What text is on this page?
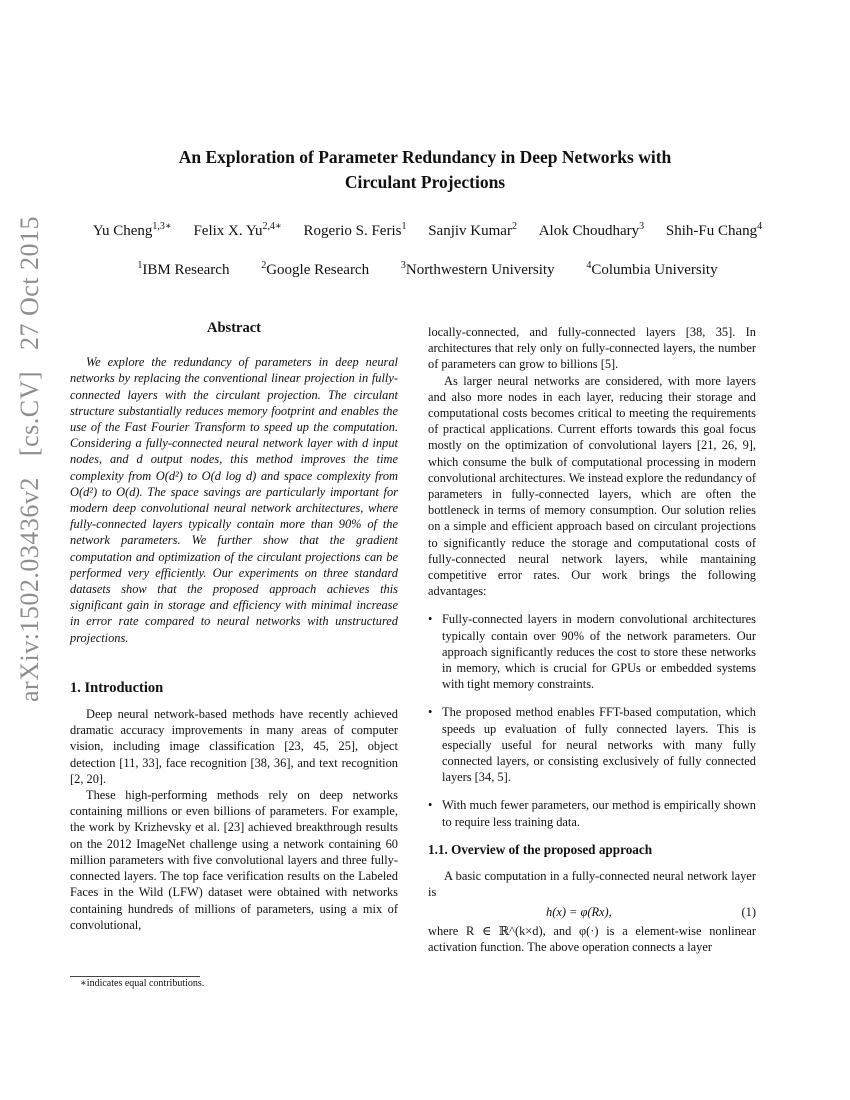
arXiv:1502.03436v2 [cs.CV] 27 Oct 2015
An Exploration of Parameter Redundancy in Deep Networks with
Circulant Projections
Yu Cheng$^{1,3∗}$ Felix X. $Yu^{2,4∗}$ Rogerio S. Feris$^1$ Sanjiv Kumar$^2$ Alok Choudhary$^3$ Shih-Fu Chang$^4$
$^1$IBM Research	$^2$Google Research	$^3$Northwestern University	$^4$Columbia University
Abstract

We explore the redundancy of parameters in deep neural networks by replacing the conventional linear projection in fully-connected layers with the circulant projection. The circulant structure substantially reduces memory footprint and enables the use of the Fast Fourier Transform to speed up the computation. Considering a fully-connected neural network layer with d input nodes, and d output nodes, this method improves the time complexity from O(d²) to O(d log d) and space complexity from O(d²) to O(d). The space savings are particularly important for modern deep convolutional neural network architectures, where fully-connected layers typically contain more than 90% of the network parameters. We further show that the gradient computation and optimization of the circulant projections can be performed very efficiently. Our experiments on three standard datasets show that the proposed approach achieves this significant gain in storage and efficiency with minimal increase in error rate compared to neural networks with unstructured projections.

1. Introduction

Deep neural network-based methods have recently achieved dramatic accuracy improvements in many areas of computer vision, including image classification [23, 45, 25], object detection [11, 33], face recognition [38, 36], and text recognition [2, 20].

These high-performing methods rely on deep networks containing millions or even billions of parameters. For example, the work by Krizhevsky et al. [23] achieved breakthrough results on the 2012 ImageNet challenge using a network containing 60 million parameters with five convolutional layers and three fully-connected layers. The top face verification results on the Labeled Faces in the Wild (LFW) dataset were obtained with networks containing hundreds of millions of parameters, using a mix of convolutional,

∗indicates equal contributions.

locally-connected, and fully-connected layers [38, 35]. In architectures that rely only on fully-connected layers, the number of parameters can grow to billions [5].

As larger neural networks are considered, with more layers and also more nodes in each layer, reducing their storage and computational costs becomes critical to meeting the requirements of practical applications. Current efforts towards this goal focus mostly on the optimization of convolutional layers [21, 26, 9], which consume the bulk of computational processing in modern convolutional architectures. We instead explore the redundancy of parameters in fully-connected layers, which are often the bottleneck in terms of memory consumption. Our solution relies on a simple and efficient approach based on circulant projections to significantly reduce the storage and computational costs of fully-connected neural network layers, while mantaining competitive error rates. Our work brings the following advantages:

• Fully-connected layers in modern convolutional architectures typically contain over 90% of the network parameters. Our approach significantly reduces the cost to store these networks in memory, which is crucial for GPUs or embedded systems with tight memory constraints.
• The proposed method enables FFT-based computation, which speeds up evaluation of fully connected layers. This is especially useful for neural networks with many fully connected layers, or consisting exclusively of fully connected layers [34, 5].
• With much fewer parameters, our method is empirically shown to require less training data.
1.1. Overview of the proposed approach

A basic computation in a fully-connected neural network layer is

h(x) = φ(Rx),	(1)

where R ∈ ℝ^(k×d), and φ(·) is a element-wise nonlinear activation function. The above operation connects a layer
